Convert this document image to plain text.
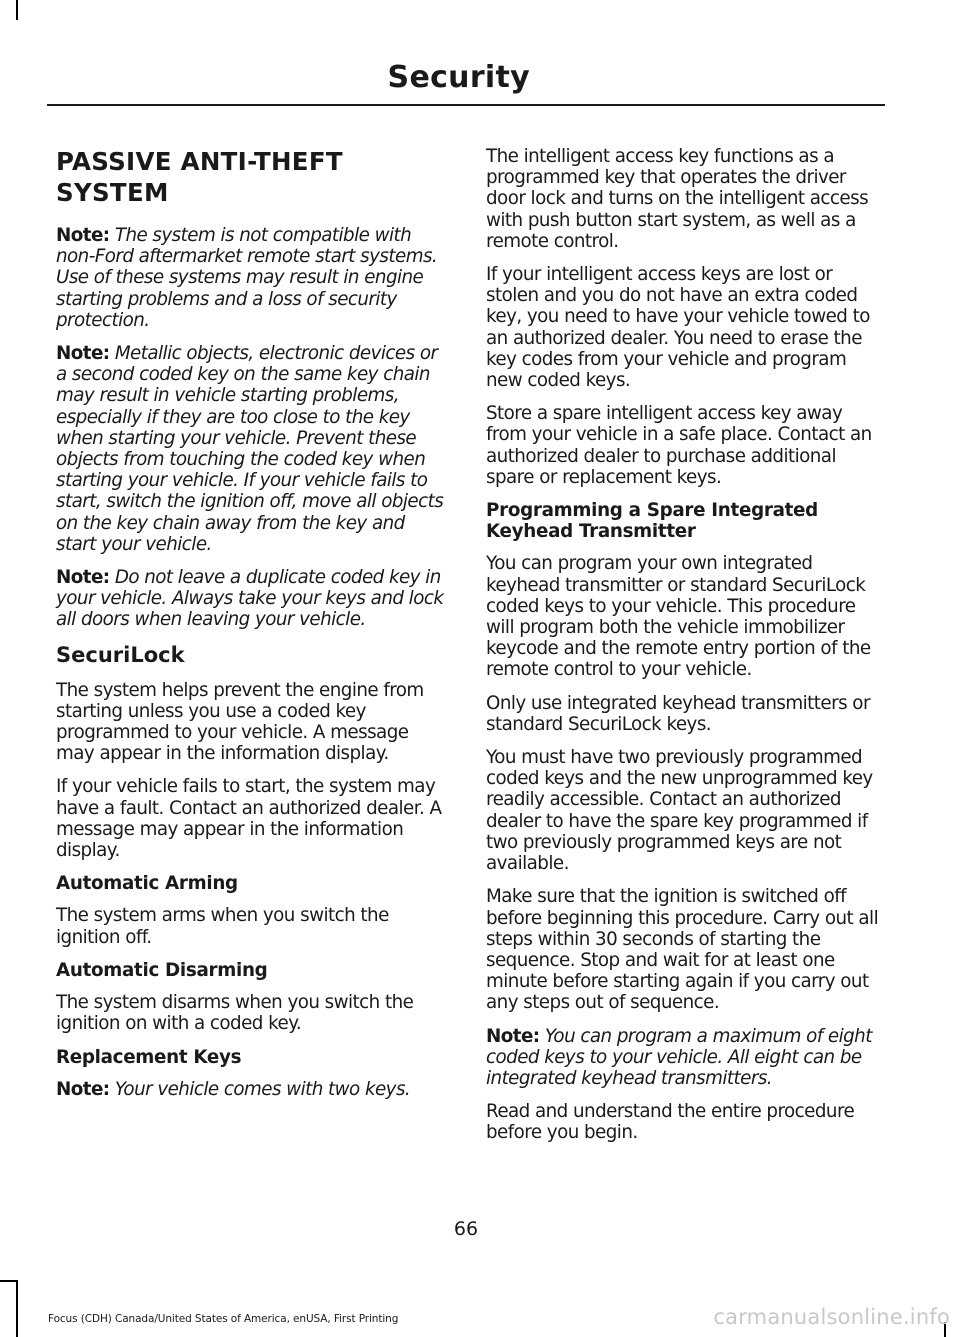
Security
PASSIVE ANTI-THEFT SYSTEM

Note: The system is not compatible with non-Ford aftermarket remote start systems. Use of these systems may result in engine starting problems and a loss of security protection.

Note: Metallic objects, electronic devices or a second coded key on the same key chain may result in vehicle starting problems, especially if they are too close to the key when starting your vehicle. Prevent these objects from touching the coded key when starting your vehicle. If your vehicle fails to start, switch the ignition off, move all objects on the key chain away from the key and start your vehicle.

Note: Do not leave a duplicate coded key in your vehicle. Always take your keys and lock all doors when leaving your vehicle.

SecuriLock

The system helps prevent the engine from starting unless you use a coded key programmed to your vehicle. A message may appear in the information display.

If your vehicle fails to start, the system may have a fault. Contact an authorized dealer. A message may appear in the information display.

Automatic Arming

The system arms when you switch the ignition off.

Automatic Disarming

The system disarms when you switch the ignition on with a coded key.

Replacement Keys

Note: Your vehicle comes with two keys.

The intelligent access key functions as a programmed key that operates the driver door lock and turns on the intelligent access with push button start system, as well as a remote control.

If your intelligent access keys are lost or stolen and you do not have an extra coded key, you need to have your vehicle towed to an authorized dealer. You need to erase the key codes from your vehicle and program new coded keys.

Store a spare intelligent access key away from your vehicle in a safe place. Contact an authorized dealer to purchase additional spare or replacement keys.

Programming a Spare Integrated Keyhead Transmitter

You can program your own integrated keyhead transmitter or standard SecuriLock coded keys to your vehicle. This procedure will program both the vehicle immobilizer keycode and the remote entry portion of the remote control to your vehicle.

Only use integrated keyhead transmitters or standard SecuriLock keys.

You must have two previously programmed coded keys and the new unprogrammed key readily accessible. Contact an authorized dealer to have the spare key programmed if two previously programmed keys are not available.

Make sure that the ignition is switched off before beginning this procedure. Carry out all steps within 30 seconds of starting the sequence. Stop and wait for at least one minute before starting again if you carry out any steps out of sequence.

Note: You can program a maximum of eight coded keys to your vehicle. All eight can be integrated keyhead transmitters.

Read and understand the entire procedure before you begin.

66
Focus (CDH) Canada/United States of America, enUSA, First Printing	carmanualsonline.info
